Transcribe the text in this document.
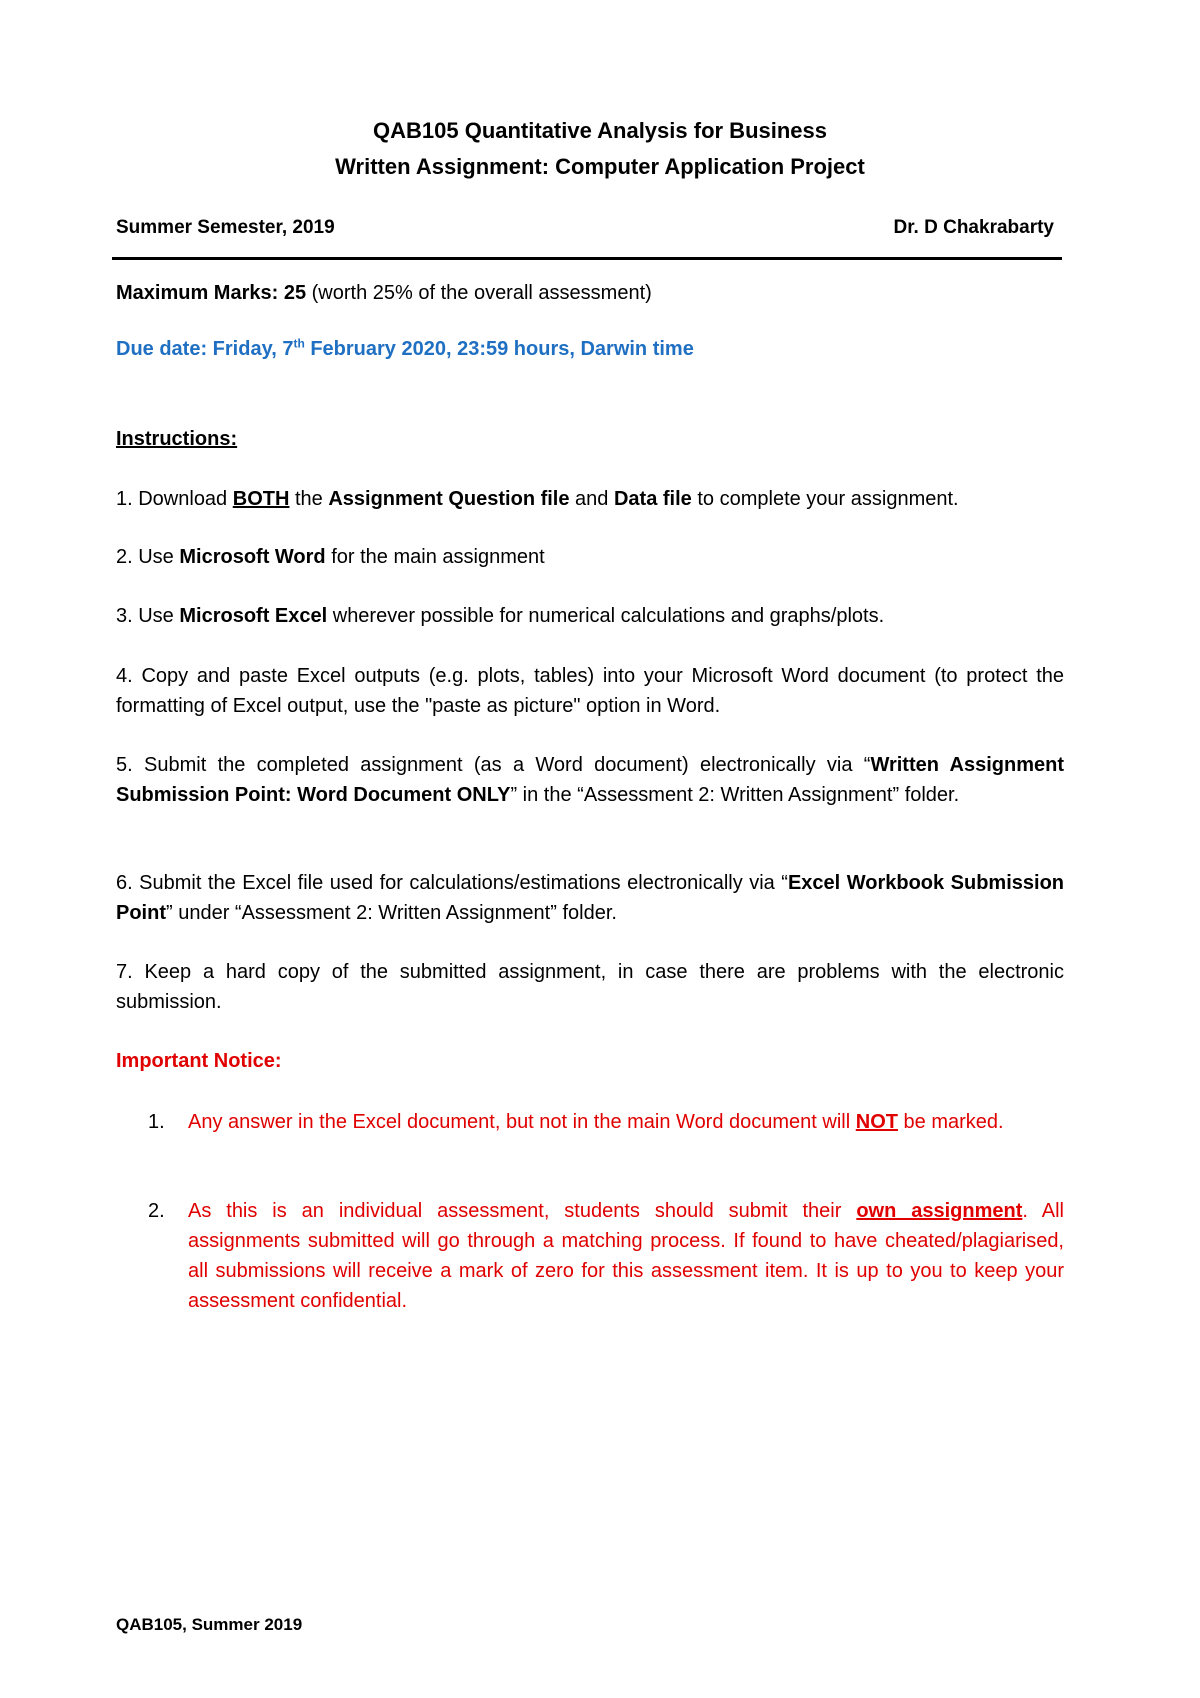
QAB105 Quantitative Analysis for Business
Written Assignment: Computer Application Project
Summer Semester, 2019	Dr. D Chakrabarty
Maximum Marks: 25 (worth 25% of the overall assessment)
Due date: Friday, 7th February 2020, 23:59 hours, Darwin time
Instructions:
1. Download BOTH the Assignment Question file and Data file to complete your assignment.
2. Use Microsoft Word for the main assignment
3. Use Microsoft Excel wherever possible for numerical calculations and graphs/plots.
4. Copy and paste Excel outputs (e.g. plots, tables) into your Microsoft Word document (to protect the formatting of Excel output, use the "paste as picture" option in Word.
5. Submit the completed assignment (as a Word document) electronically via “Written Assignment Submission Point: Word Document ONLY” in the “Assessment 2: Written Assignment” folder.
6. Submit the Excel file used for calculations/estimations electronically via “Excel Workbook Submission Point” under “Assessment 2: Written Assignment” folder.
7. Keep a hard copy of the submitted assignment, in case there are problems with the electronic submission.
Important Notice:
1. Any answer in the Excel document, but not in the main Word document will NOT be marked.
2. As this is an individual assessment, students should submit their own assignment. All assignments submitted will go through a matching process. If found to have cheated/plagiarised, all submissions will receive a mark of zero for this assessment item. It is up to you to keep your assessment confidential.
QAB105, Summer 2019
